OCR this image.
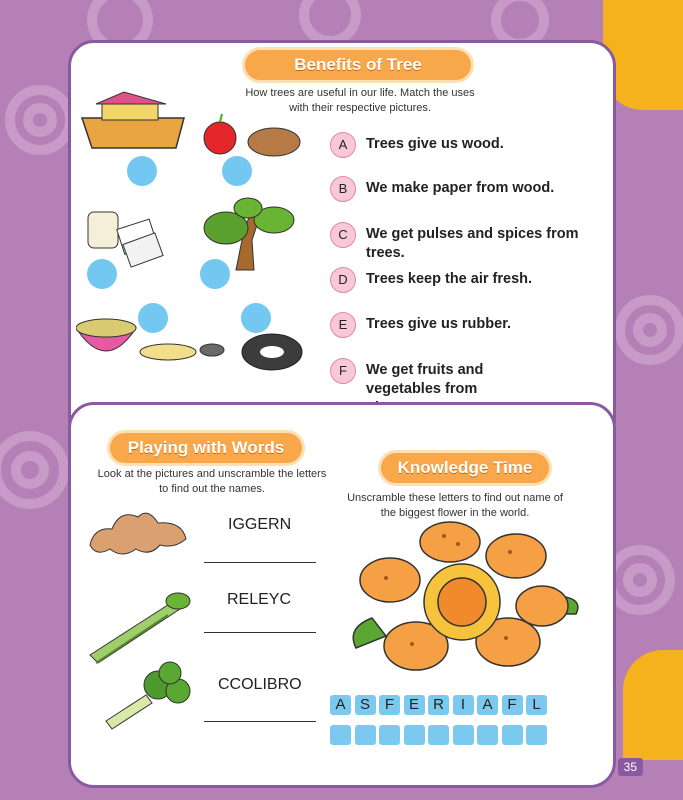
Benefits of Tree
How trees are useful in our life. Match the uses
with their respective pictures.
A	Trees give us wood.
B	We make paper from wood.
C	We get pulses and spices from trees.
D	Trees keep the air fresh.
E	Trees give us rubber.
F	We get fruits and vegetables from
Playing with Words
Look at the pictures and unscramble the letters
to find out the names.
IGGERN
RELEYC
CCOLIBRO
Knowledge Time
Unscramble these letters to find out name of
the biggest flower in the world.
A S F E R	I	A F	L
35
